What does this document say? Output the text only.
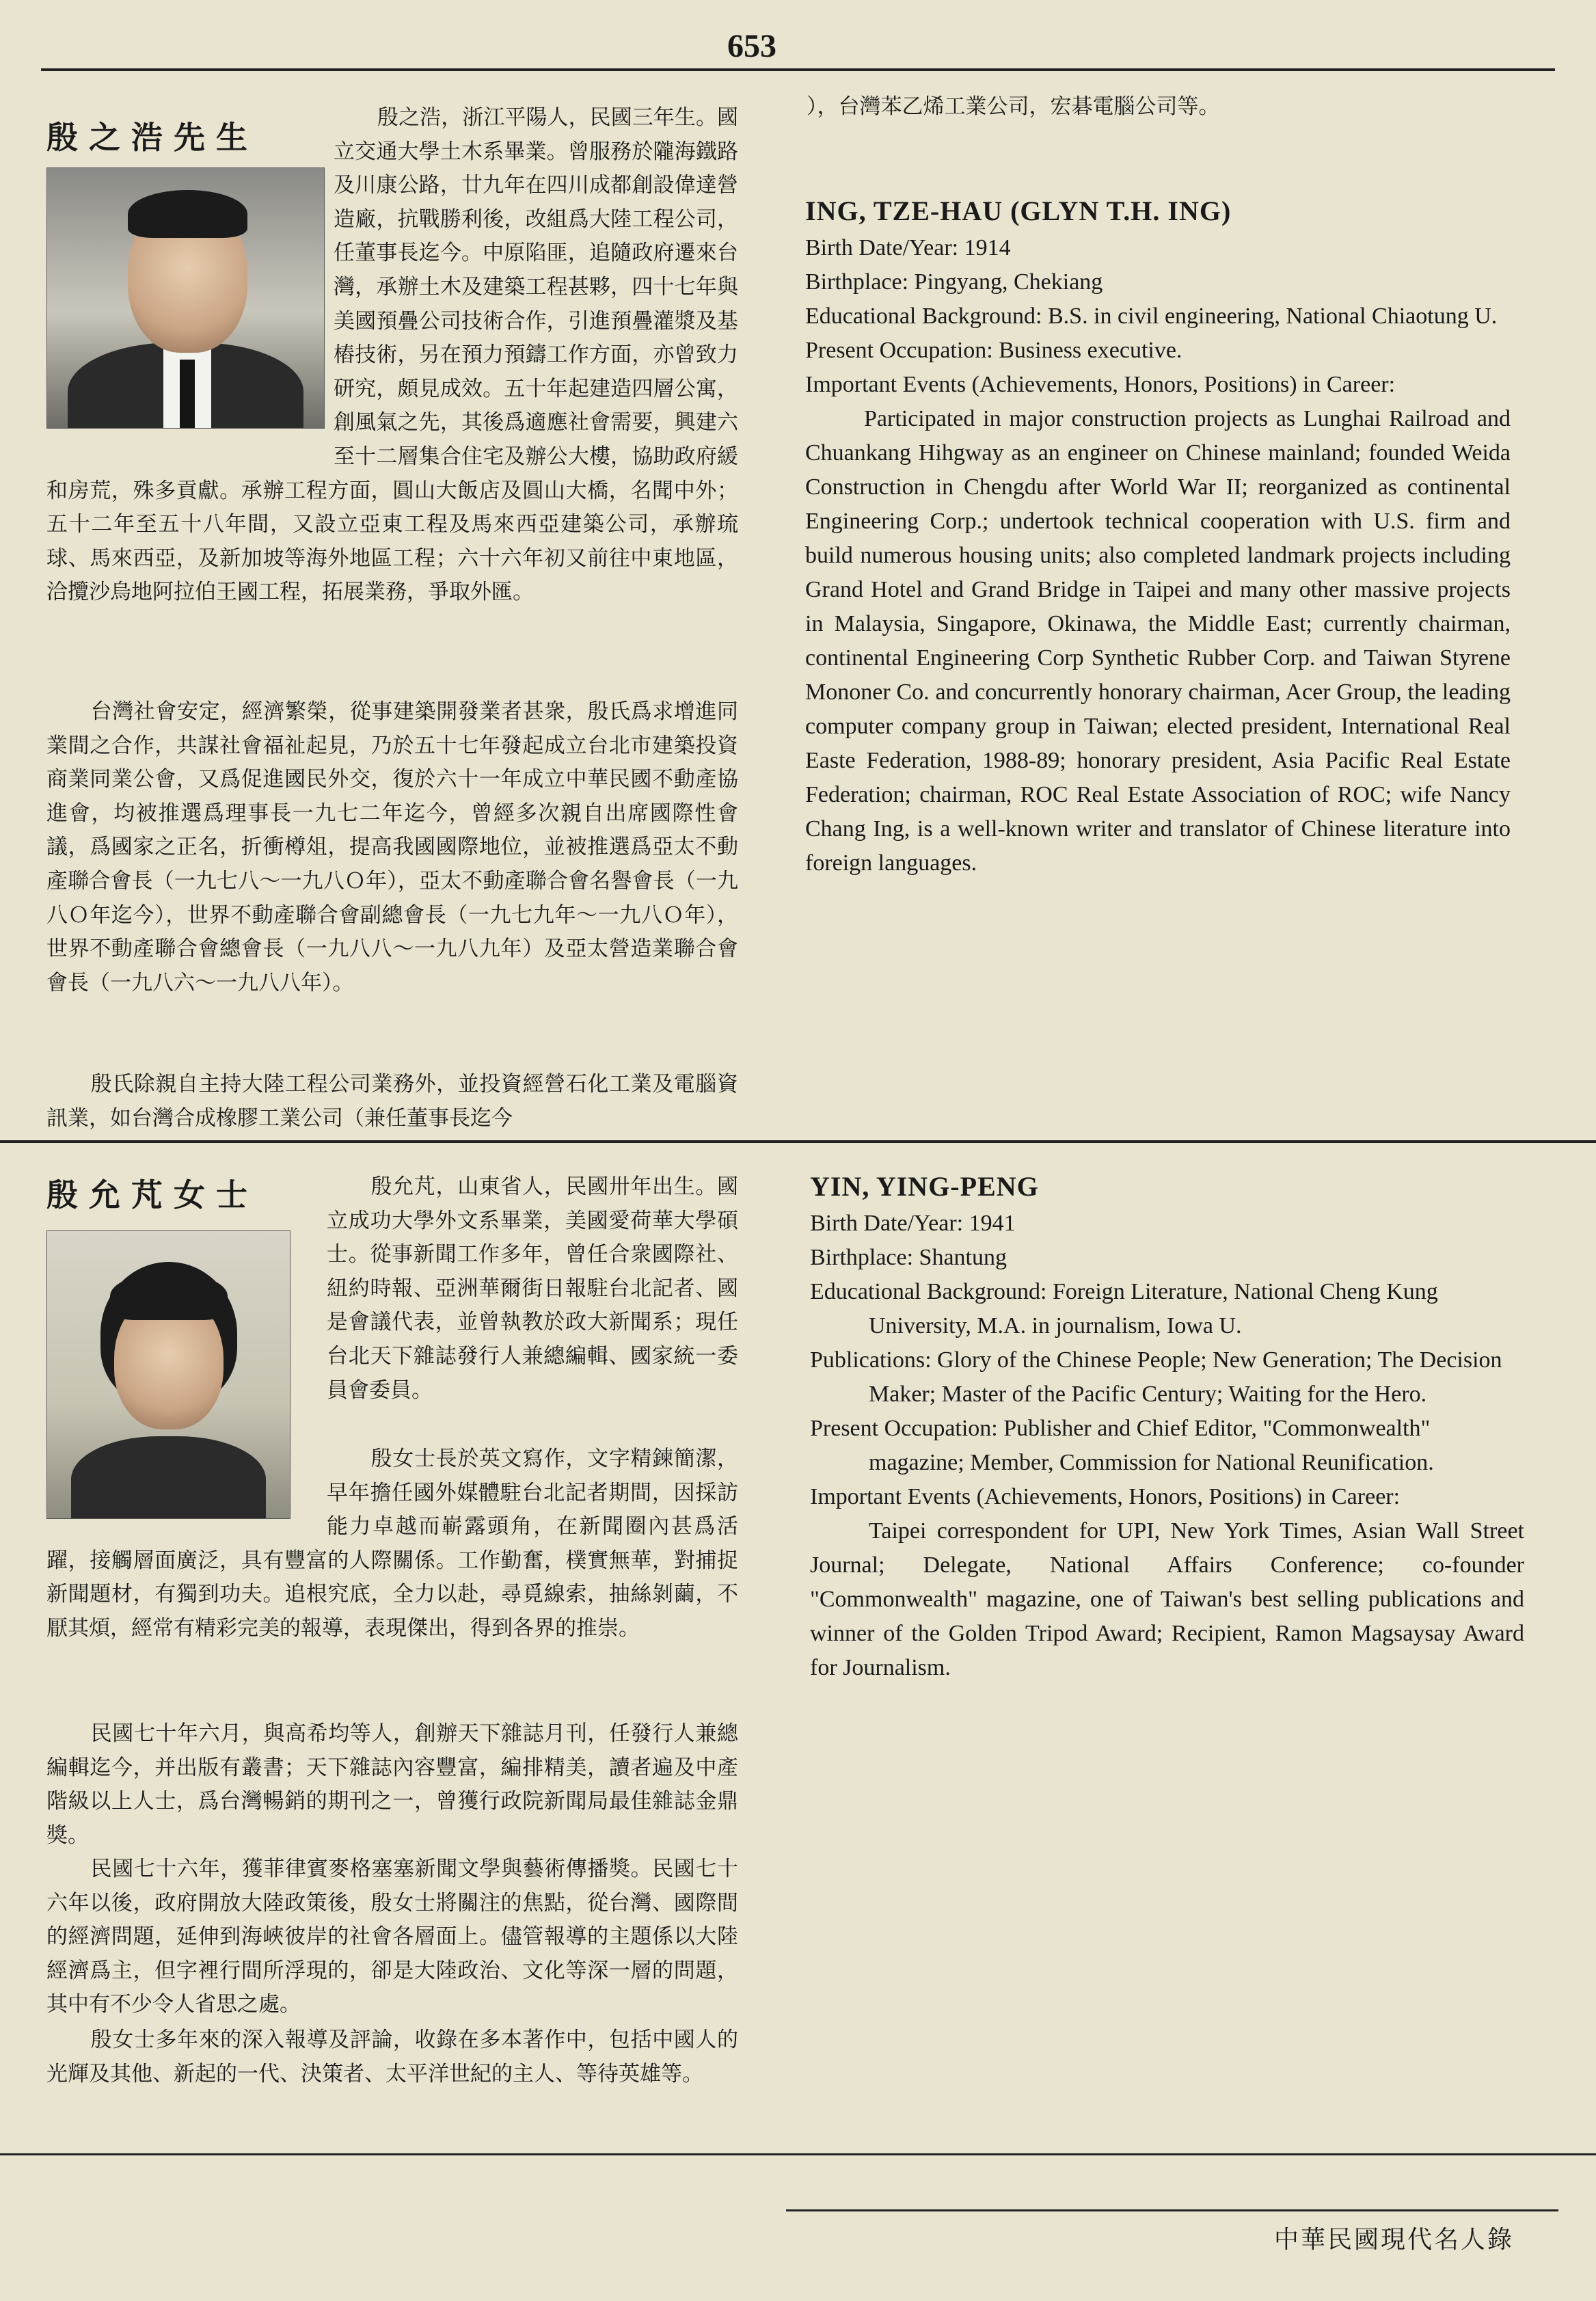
653
殷之浩先生

殷之浩，浙江平陽人，民國三年生。國立交通大學土木系畢業。曾服務於隴海鐵路及川康公路，廿九年在四川成都創設偉達營造廠，抗戰勝利後，改組爲大陸工程公司，任董事長迄今。中原陷匪，追隨政府遷來台灣，承辦土木及建築工程甚夥，四十七年與美國預疊公司技術合作，引進預疊灌漿及基樁技術，另在預力預鑄工作方面，亦曾致力研究，頗見成效。五十年起建造四層公寓，創風氣之先，其後爲適應社會需要，興建六至十二層集合住宅及辦公大樓，協助政府緩和房荒，殊多貢獻。承辦工程方面，圓山大飯店及圓山大橋，名聞中外；五十二年至五十八年間，又設立亞東工程及馬來西亞建築公司，承辦琉球、馬來西亞，及新加坡等海外地區工程；六十六年初又前往中東地區，洽攬沙烏地阿拉伯王國工程，拓展業務，爭取外匯。

台灣社會安定，經濟繁榮，從事建築開發業者甚衆，殷氏爲求增進同業間之合作，共謀社會福祉起見，乃於五十七年發起成立台北市建築投資商業同業公會，又爲促進國民外交，復於六十一年成立中華民國不動產協進會，均被推選爲理事長一九七二年迄今，曾經多次親自出席國際性會議，爲國家之正名，折衝樽俎，提高我國國際地位，並被推選爲亞太不動產聯合會長（一九七八～一九八Ｏ年），亞太不動產聯合會名譽會長（一九八Ｏ年迄今），世界不動產聯合會副總會長（一九七九年～一九八Ｏ年），世界不動產聯合會總會長（一九八八～一九八九年）及亞太營造業聯合會會長（一九八六～一九八八年）。

殷氏除親自主持大陸工程公司業務外，並投資經營石化工業及電腦資訊業，如台灣合成橡膠工業公司（兼任董事長迄今

），台灣苯乙烯工業公司，宏碁電腦公司等。

ING, TZE-HAU (GLYN T.H. ING)

Birth Date/Year: 1914

Birthplace: Pingyang, Chekiang

Educational Background: B.S. in civil engineering, National Chiaotung U.

Present Occupation: Business executive.

Important Events (Achievements, Honors, Positions) in Career:

Participated in major construction projects as Lunghai Railroad and Chuankang Hihgway as an engineer on Chinese mainland; founded Weida Construction in Chengdu after World War II; reorganized as continental Engineering Corp.; undertook technical cooperation with U.S. firm and build numerous housing units; also completed landmark projects including Grand Hotel and Grand Bridge in Taipei and many other massive projects in Malaysia, Singapore, Okinawa, the Middle East; currently chairman, continental Engineering Corp Synthetic Rubber Corp. and Taiwan Styrene Mononer Co. and concurrently honorary chairman, Acer Group, the leading computer company group in Taiwan; elected president, International Real Easte Federation, 1988-89; honorary president, Asia Pacific Real Estate Federation; chairman, ROC Real Estate Association of ROC; wife Nancy Chang Ing, is a well-known writer and translator of Chinese literature into foreign languages.

殷允芃女士	殷允芃，山東省人，民國卅年出生。國立成功大學外文系畢業，美國愛荷華大學碩士。從事新聞工作多年，曾任合衆國際社、紐約時報、亞洲華爾街日報駐台北記者、國是會議代表，並曾執教於政大新聞系；現任台北天下雜誌發行人兼總編輯、國家統一委員會委員。

殷女士長於英文寫作，文字精鍊簡潔，早年擔任國外媒體駐台北記者期間，因採訪能力卓越而嶄露頭角，在新聞圈內甚爲活躍，接觸層面廣泛，具有豐富的人際關係。工作勤奮，樸實無華，對捕捉新聞題材，有獨到功夫。追根究底，全力以赴，尋覓線索，抽絲剝繭，不厭其煩，經常有精彩完美的報導，表現傑出，得到各界的推崇。

民國七十年六月，與高希均等人，創辦天下雜誌月刊，任發行人兼總編輯迄今，并出版有叢書；天下雜誌內容豐富，編排精美，讀者遍及中產階級以上人士，爲台灣暢銷的期刊之一，曾獲行政院新聞局最佳雜誌金鼎獎。

民國七十六年，獲菲律賓麥格塞塞新聞文學與藝術傳播獎。民國七十六年以後，政府開放大陸政策後，殷女士將關注的焦點，從台灣、國際間的經濟問題，延伸到海峽彼岸的社會各層面上。儘管報導的主題係以大陸經濟爲主，但字裡行間所浮現的，卻是大陸政治、文化等深一層的問題，其中有不少令人省思之處。

殷女士多年來的深入報導及評論，收錄在多本著作中，包括中國人的光輝及其他、新起的一代、決策者、太平洋世紀的主人、等待英雄等。

YIN, YING-PENG

Birth Date/Year: 1941

Birthplace: Shantung

Educational Background: Foreign Literature, National Cheng Kung University, M.A. in journalism, Iowa U.

Publications: Glory of the Chinese People; New Generation; The Decision Maker; Master of the Pacific Century; Waiting for the Hero.

Present Occupation: Publisher and Chief Editor, "Commonwealth" magazine; Member, Commission for National Reunification.

Important Events (Achievements, Honors, Positions) in Career:

Taipei correspondent for UPI, New York Times, Asian Wall Street Journal; Delegate, National Affairs Conference; co-founder "Commonwealth" magazine, one of Taiwan's best selling publications and winner of the Golden Tripod Award; Recipient, Ramon Magsaysay Award for Journalism.

中華民國現代名人錄
